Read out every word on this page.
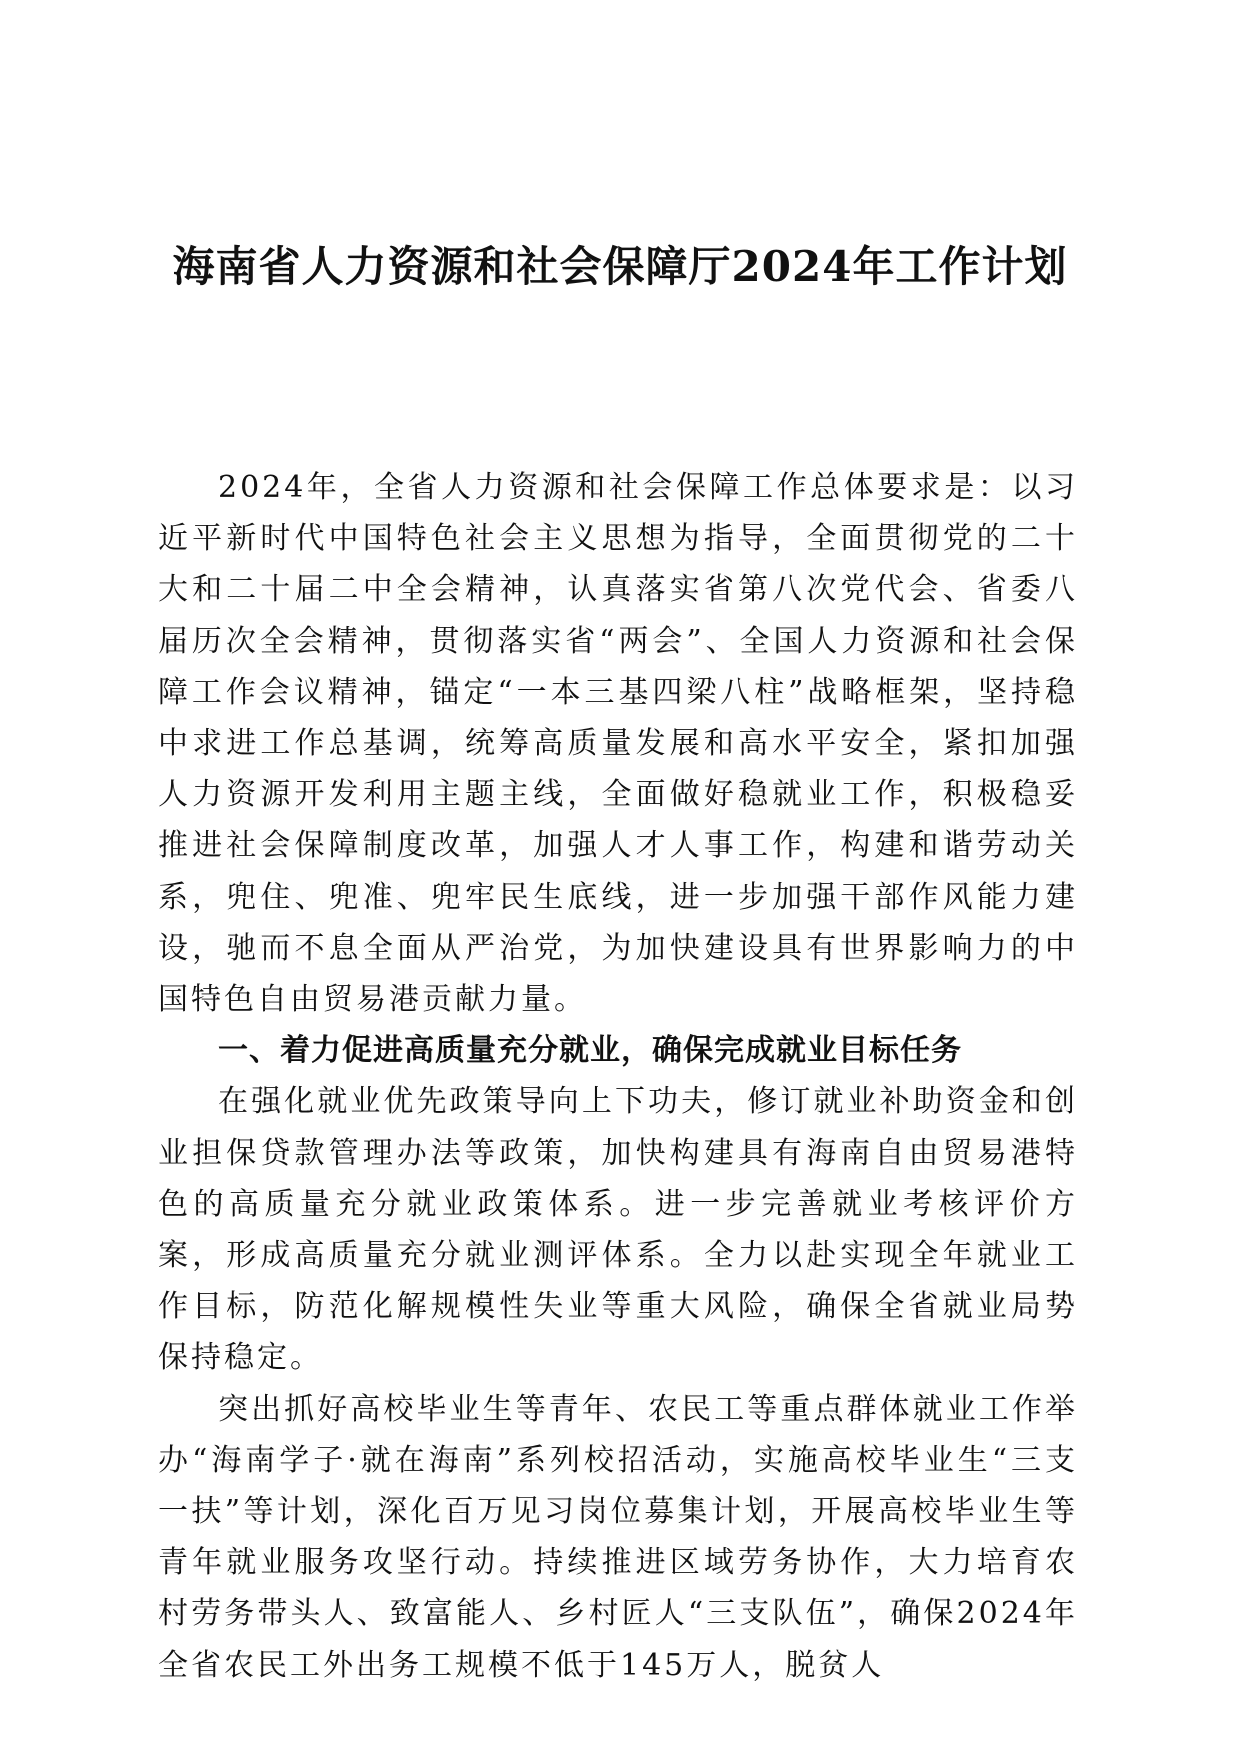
海南省人力资源和社会保障厅2024年工作计划

2024年，全省人力资源和社会保障工作总体要求是：以习近平新时代中国特色社会主义思想为指导，全面贯彻党的二十大和二十届二中全会精神，认真落实省第八次党代会、省委八届历次全会精神，贯彻落实省“两会”、全国人力资源和社会保障工作会议精神，锚定“一本三基四梁八柱”战略框架，坚持稳中求进工作总基调，统筹高质量发展和高水平安全，紧扣加强人力资源开发利用主题主线，全面做好稳就业工作，积极稳妥推进社会保障制度改革，加强人才人事工作，构建和谐劳动关系，兜住、兜准、兜牢民生底线，进一步加强干部作风能力建设，驰而不息全面从严治党，为加快建设具有世界影响力的中国特色自由贸易港贡献力量。

一、着力促进高质量充分就业，确保完成就业目标任务

在强化就业优先政策导向上下功夫，修订就业补助资金和创业担保贷款管理办法等政策，加快构建具有海南自由贸易港特色的高质量充分就业政策体系。进一步完善就业考核评价方案，形成高质量充分就业测评体系。全力以赴实现全年就业工作目标，防范化解规模性失业等重大风险，确保全省就业局势保持稳定。

突出抓好高校毕业生等青年、农民工等重点群体就业工作举办“海南学子·就在海南”系列校招活动，实施高校毕业生“三支一扶”等计划，深化百万见习岗位募集计划，开展高校毕业生等青年就业服务攻坚行动。持续推进区域劳务协作，大力培育农村劳务带头人、致富能人、乡村匠人“三支队伍”，确保2024年全省农民工外出务工规模不低于145万人，脱贫人
